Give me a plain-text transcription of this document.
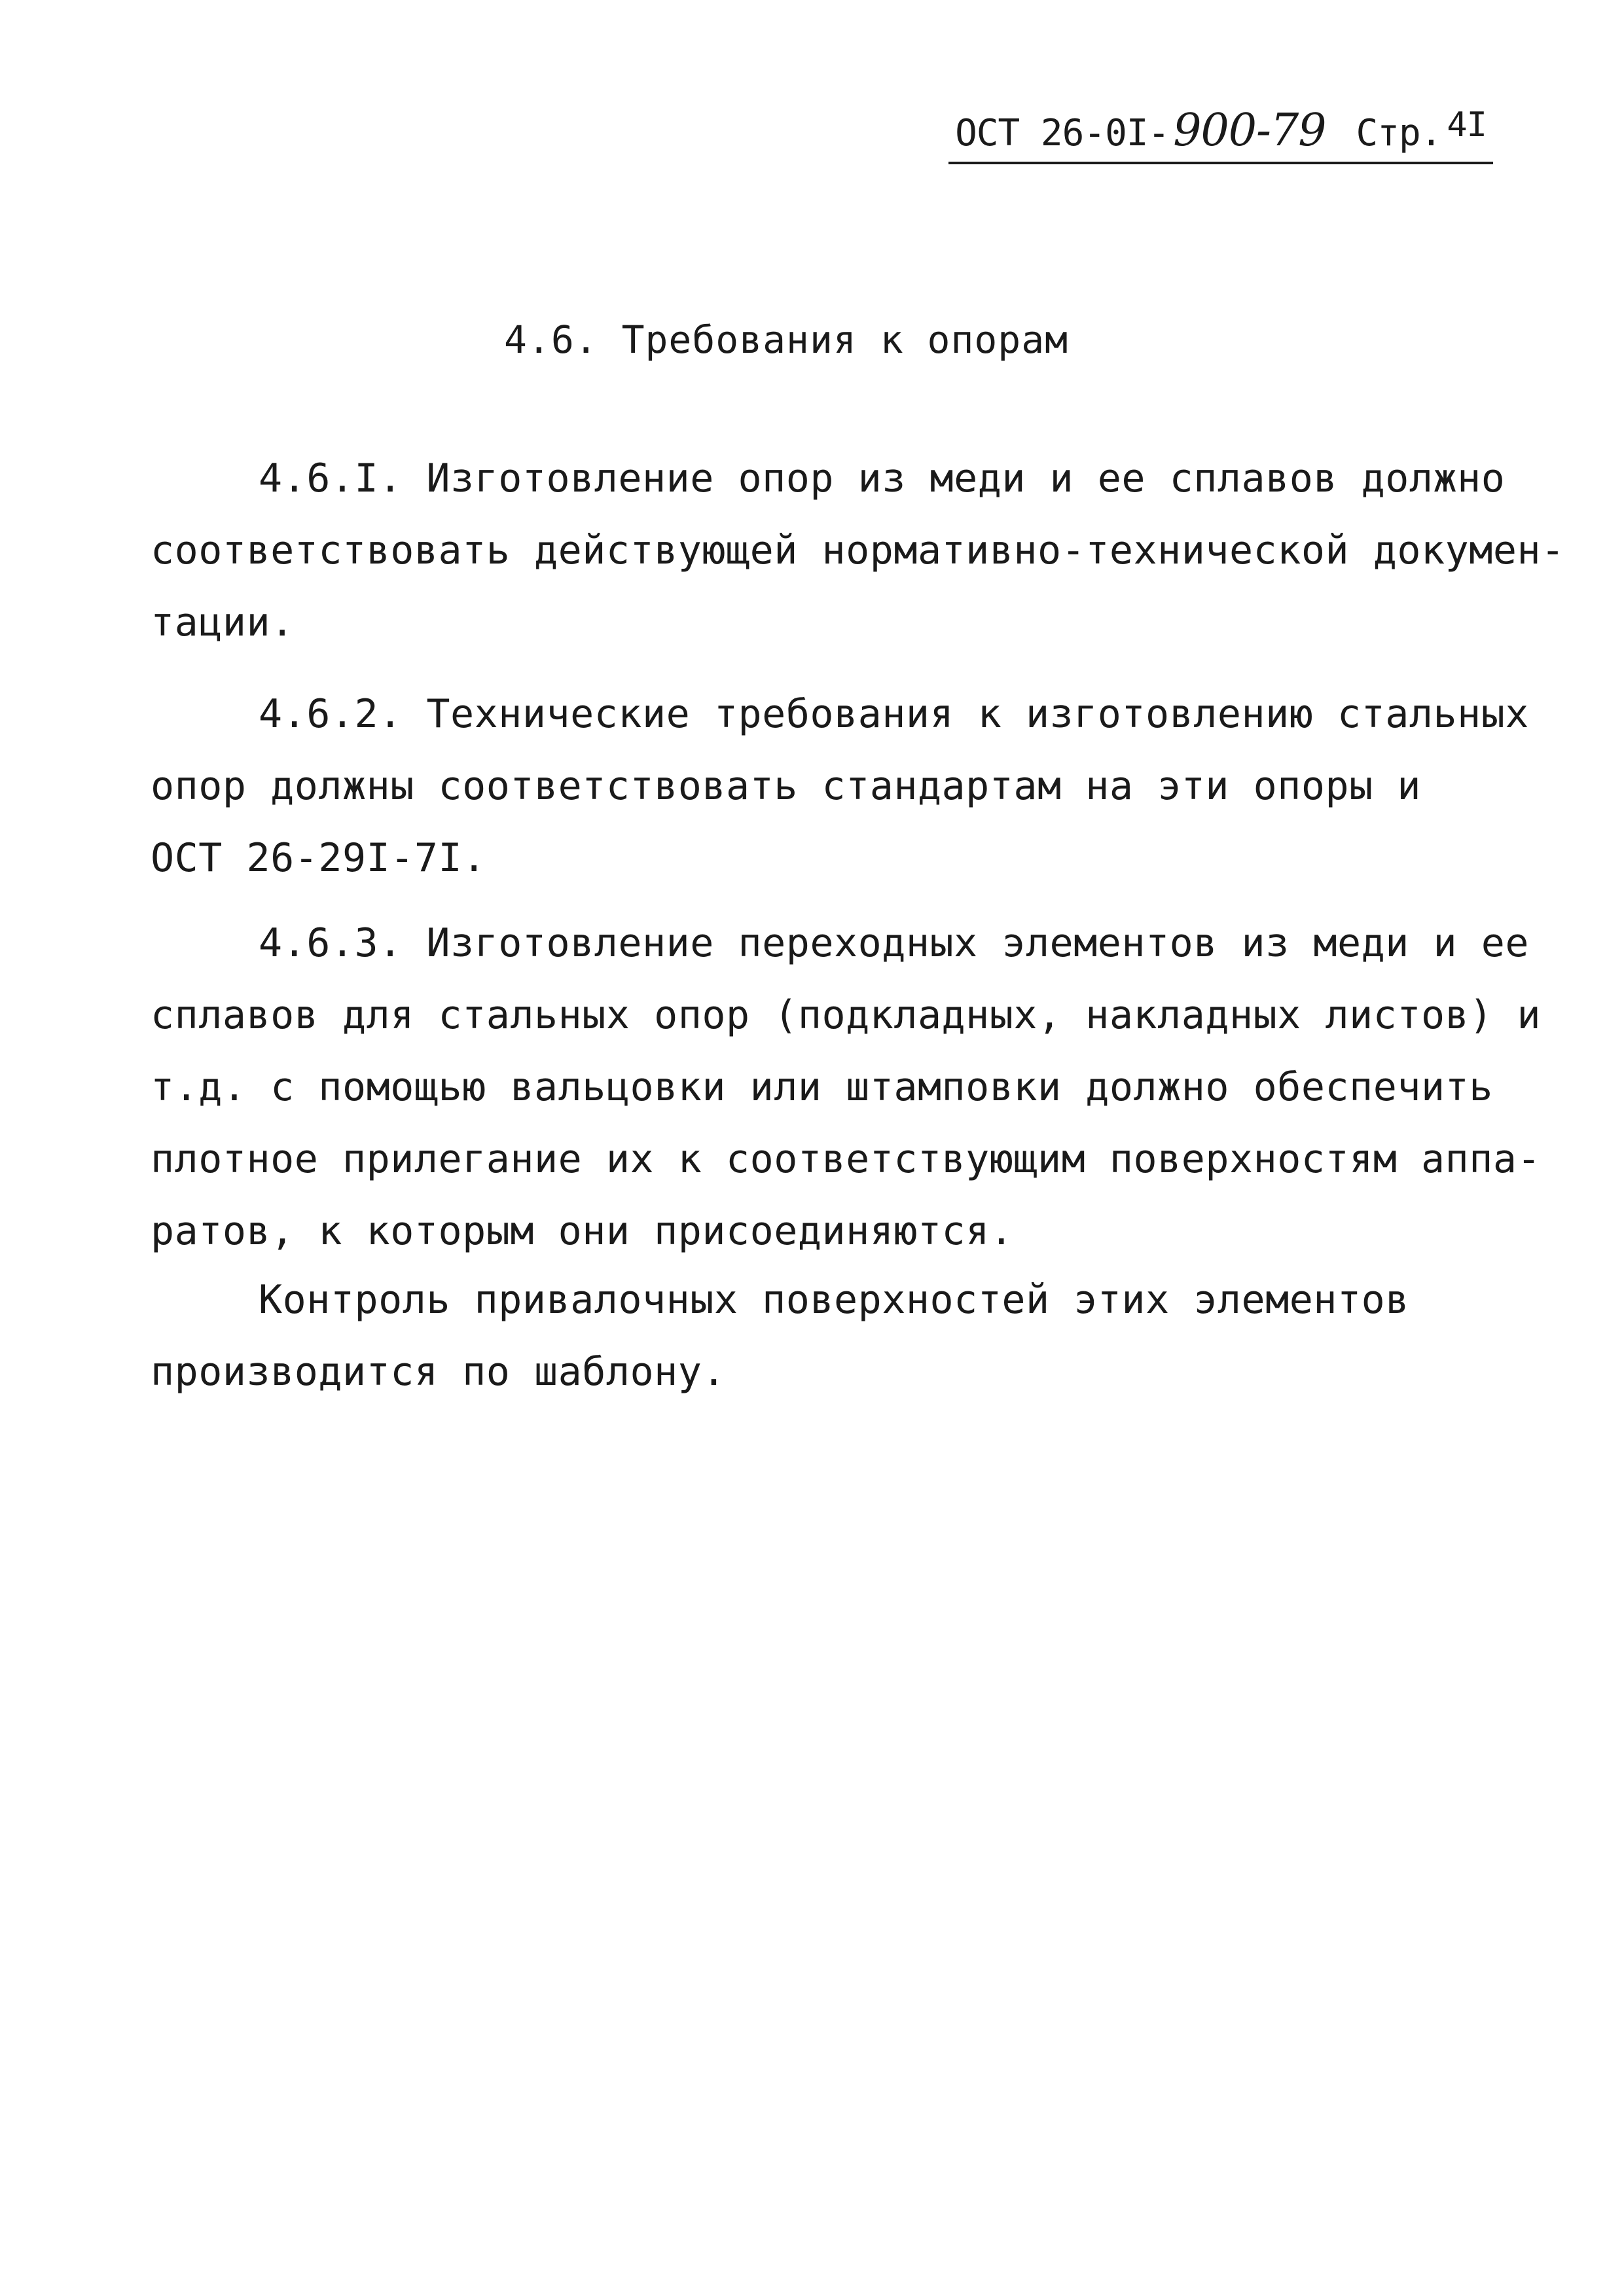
ОСТ 26-0I- 900-79 Стр. 4I
4.6. Требования к опорам
4.6.I. Изготовление опор из меди и ее сплавов должно
соответствовать действующей нормативно-технической докумен-
тации.
4.6.2. Технические требования к изготовлению стальных
опор должны соответствовать стандартам на эти опоры и
ОСТ 26-29I-7I.
4.6.3. Изготовление переходных элементов из меди и ее
сплавов для стальных опор (подкладных, накладных листов) и
т.д. с помощью вальцовки или штамповки должно обеспечить
плотное прилегание их к соответствующим поверхностям аппа-
ратов, к которым они присоединяются.
Контроль привалочных поверхностей этих элементов
производится по шаблону.
